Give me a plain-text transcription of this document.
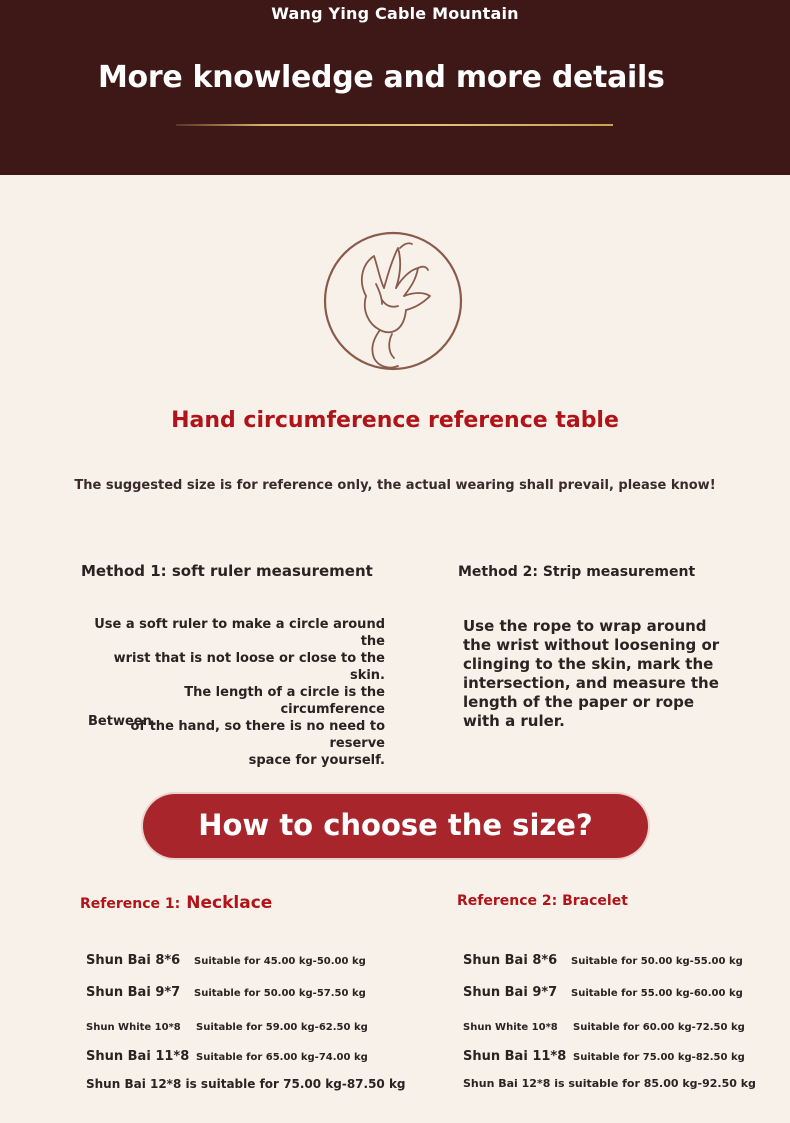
Wang Ying Cable Mountain
More knowledge and more details
Hand circumference reference table
The suggested size is for reference only, the actual wearing shall prevail, please know!
Method 1: soft ruler measurement
Use a soft ruler to make a circle around the
wrist that is not loose or close to the skin.
The length of a circle is the circumference
of the hand, so there is no need to reserve
space for yourself.
Between.
Method 2: Strip measurement
Use the rope to wrap around
the wrist without loosening or
clinging to the skin, mark the
intersection, and measure the
length of the paper or rope
with a ruler.
How to choose the size?
Reference 1: Necklace
Shun Bai 8*6 Suitable for 45.00 kg-50.00 kg
Shun Bai 9*7 Suitable for 50.00 kg-57.50 kg
Shun White 10*8 Suitable for 59.00 kg-62.50 kg
Shun Bai 11*8 Suitable for 65.00 kg-74.00 kg
Shun Bai 12*8 is suitable for 75.00 kg-87.50 kg
Reference 2: Bracelet
Shun Bai 8*6 Suitable for 50.00 kg-55.00 kg
Shun Bai 9*7 Suitable for 55.00 kg-60.00 kg
Shun White 10*8 Suitable for 60.00 kg-72.50 kg
Shun Bai 11*8 Suitable for 75.00 kg-82.50 kg
Shun Bai 12*8 is suitable for 85.00 kg-92.50 kg
